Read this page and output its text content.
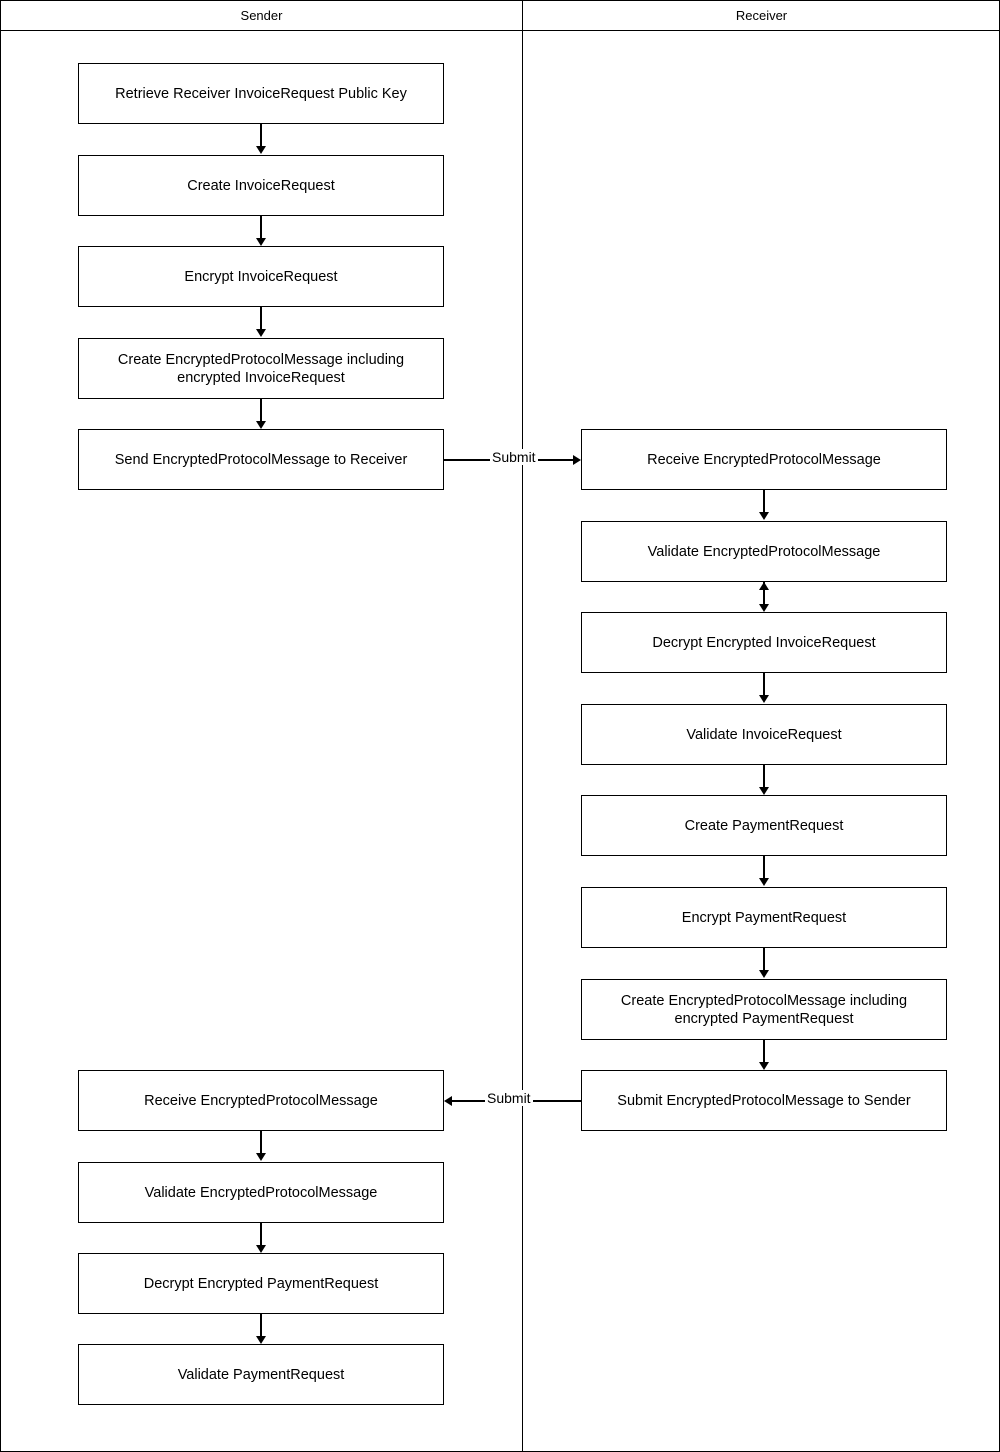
Sender	Receiver
Retrieve Receiver InvoiceRequest Public Key
Create InvoiceRequest
Encrypt InvoiceRequest
Create EncryptedProtocolMessage including encrypted InvoiceRequest
Send EncryptedProtocolMessage to Receiver	Submit	Receive EncryptedProtocolMessage
Validate EncryptedProtocolMessage
Decrypt Encrypted InvoiceRequest
Validate InvoiceRequest
Create PaymentRequest
Encrypt PaymentRequest
Create EncryptedProtocolMessage including encrypted PaymentRequest
Submit EncryptedProtocolMessage to Sender
Submit
Receive EncryptedProtocolMessage
Validate EncryptedProtocolMessage
Decrypt Encrypted PaymentRequest
Validate PaymentRequest
